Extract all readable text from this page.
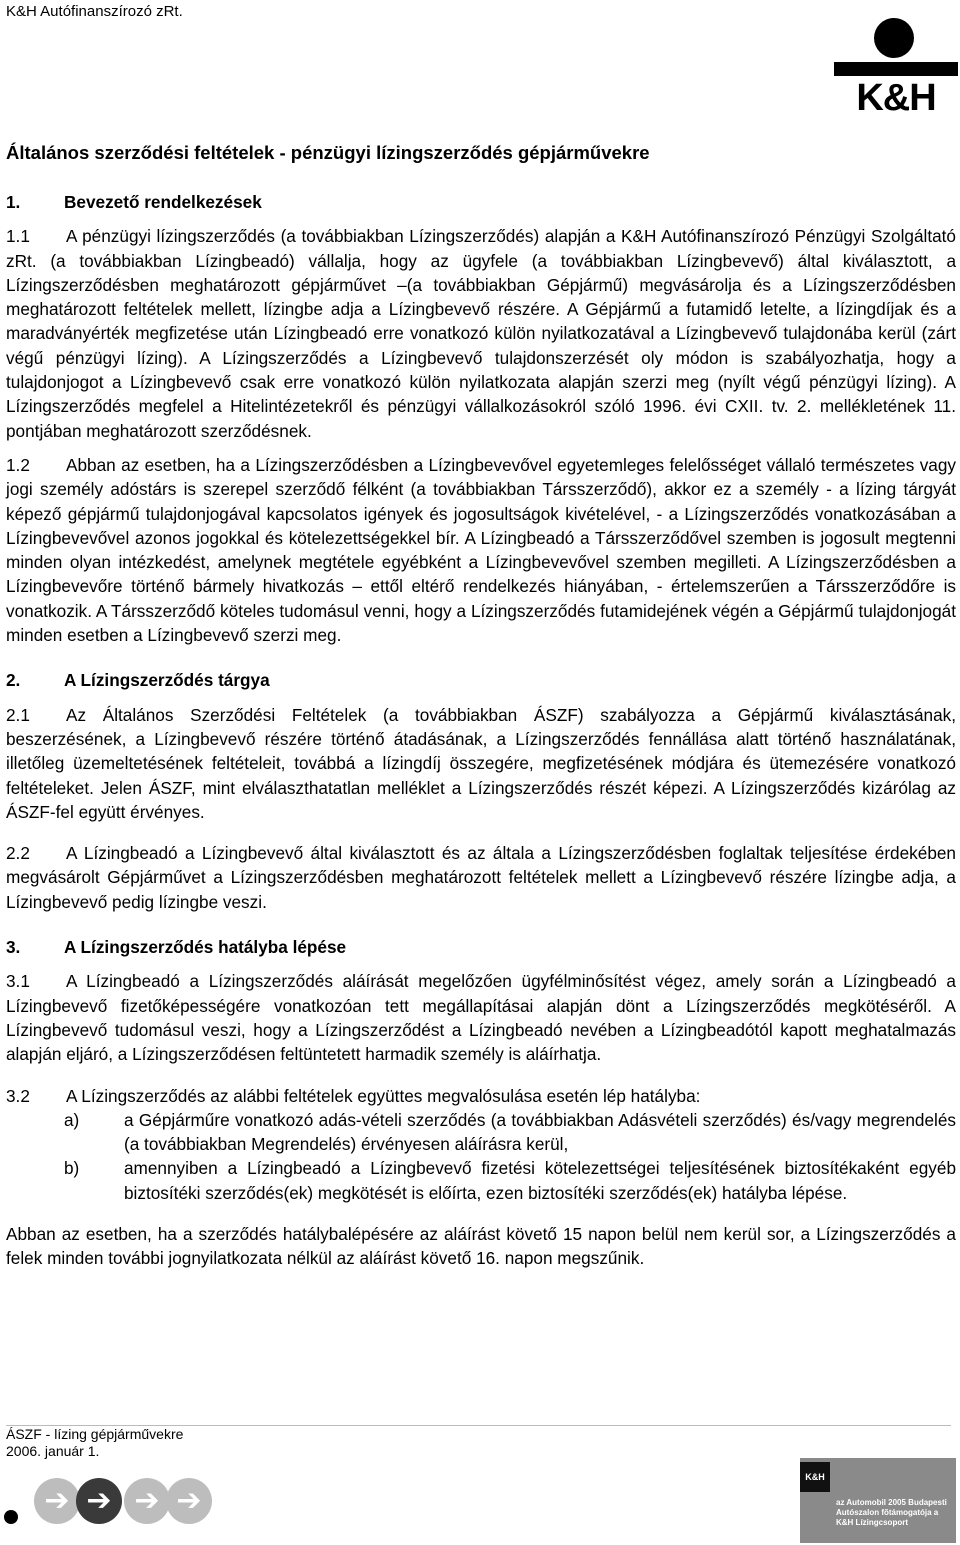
K&H Autófinanszírozó zRt.
K&H
Általános szerződési feltételek - pénzügyi lízingszerződés gépjárművekre
1.	Bevezető rendelkezések

1.1 A pénzügyi lízingszerződés (a továbbiakban Lízingszerződés) alapján a K&H Autófinanszírozó Pénzügyi Szolgáltató zRt. (a továbbiakban Lízingbeadó) vállalja, hogy az ügyfele (a továbbiakban Lízingbevevő) által kiválasztott, a Lízingszerződésben meghatározott gépjárművet –(a továbbiakban Gépjármű) megvásárolja és a Lízingszerződésben meghatározott feltételek mellett, lízingbe adja a Lízingbevevő részére. A Gépjármű a futamidő letelte, a lízingdíjak és a maradványérték megfizetése után Lízingbeadó erre vonatkozó külön nyilatkozatával a Lízingbevevő tulajdonába kerül (zárt végű pénzügyi lízing). A Lízingszerződés a Lízingbevevő tulajdonszerzését oly módon is szabályozhatja, hogy a tulajdonjogot a Lízingbevevő csak erre vonatkozó külön nyilatkozata alapján szerzi meg (nyílt végű pénzügyi lízing). A Lízingszerződés megfelel a Hitelintézetekről és pénzügyi vállalkozásokról szóló 1996. évi CXII. tv. 2. mellékletének 11. pontjában meghatározott szerződésnek.

1.2 Abban az esetben, ha a Lízingszerződésben a Lízingbevevővel egyetemleges felelősséget vállaló természetes vagy jogi személy adóstárs is szerepel szerződő félként (a továbbiakban Társszerződő), akkor ez a személy - a lízing tárgyát képező gépjármű tulajdonjogával kapcsolatos igények és jogosultságok kivételével, - a Lízingszerződés vonatkozásában a Lízingbevevővel azonos jogokkal és kötelezettségekkel bír. A Lízingbeadó a Társszerződővel szemben is jogosult megtenni minden olyan intézkedést, amelynek megtétele egyébként a Lízingbevevővel szemben megilleti. A Lízingszerződésben a Lízingbevevőre történő bármely hivatkozás – ettől eltérő rendelkezés hiányában, - értelemszerűen a Társszerződőre is vonatkozik. A Társszerződő köteles tudomásul venni, hogy a Lízingszerződés futamidejének végén a Gépjármű tulajdonjogát minden esetben a Lízingbevevő szerzi meg.

2.	A Lízingszerződés tárgya

2.1 Az Általános Szerződési Feltételek (a továbbiakban ÁSZF) szabályozza a Gépjármű kiválasztásának, beszerzésének, a Lízingbevevő részére történő átadásának, a Lízingszerződés fennállása alatt történő használatának, illetőleg üzemeltetésének feltételeit, továbbá a lízingdíj összegére, megfizetésének módjára és ütemezésére vonatkozó feltételeket. Jelen ÁSZF, mint elválaszthatatlan melléklet a Lízingszerződés részét képezi. A Lízingszerződés kizárólag az ÁSZF-fel együtt érvényes.

2.2 A Lízingbeadó a Lízingbevevő által kiválasztott és az általa a Lízingszerződésben foglaltak teljesítése érdekében megvásárolt Gépjárművet a Lízingszerződésben meghatározott feltételek mellett a Lízingbevevő részére lízingbe adja, a Lízingbevevő pedig lízingbe veszi.

3.	A Lízingszerződés hatályba lépése

3.1 A Lízingbeadó a Lízingszerződés aláírását megelőzően ügyfélminősítést végez, amely során a Lízingbeadó a Lízingbevevő fizetőképességére vonatkozóan tett megállapításai alapján dönt a Lízingszerződés megkötéséről. A Lízingbevevő tudomásul veszi, hogy a Lízingszerződést a Lízingbeadó nevében a Lízingbeadótól kapott meghatalmazás alapján eljáró, a Lízingszerződésen feltüntetett harmadik személy is aláírhatja.

3.2 A Lízingszerződés az alábbi feltételek együttes megvalósulása esetén lép hatályba:

a)	a Gépjárműre vonatkozó adás-vételi szerződés (a továbbiakban Adásvételi szerződés) és/vagy megrendelés (a továbbiakban Megrendelés) érvényesen aláírásra kerül,
b)	amennyiben a Lízingbeadó a Lízingbevevő fizetési kötelezettségei teljesítésének biztosítékaként egyéb biztosítéki szerződés(ek) megkötését is előírta, ezen biztosítéki szerződés(ek) hatályba lépése.

Abban az esetben, ha a szerződés hatálybalépésére az aláírást követő 15 napon belül nem kerül sor, a Lízingszerződés a felek minden további jognyilatkozata nélkül az aláírást követő 16. napon megszűnik.

ÁSZF - lízing gépjárművekre
2006. január 1.
➔ ➔ ➔ ➔
K&H
az Automobil 2005 Budapesti Autószalon fõtámogatója a K&H Lízingcsoport
